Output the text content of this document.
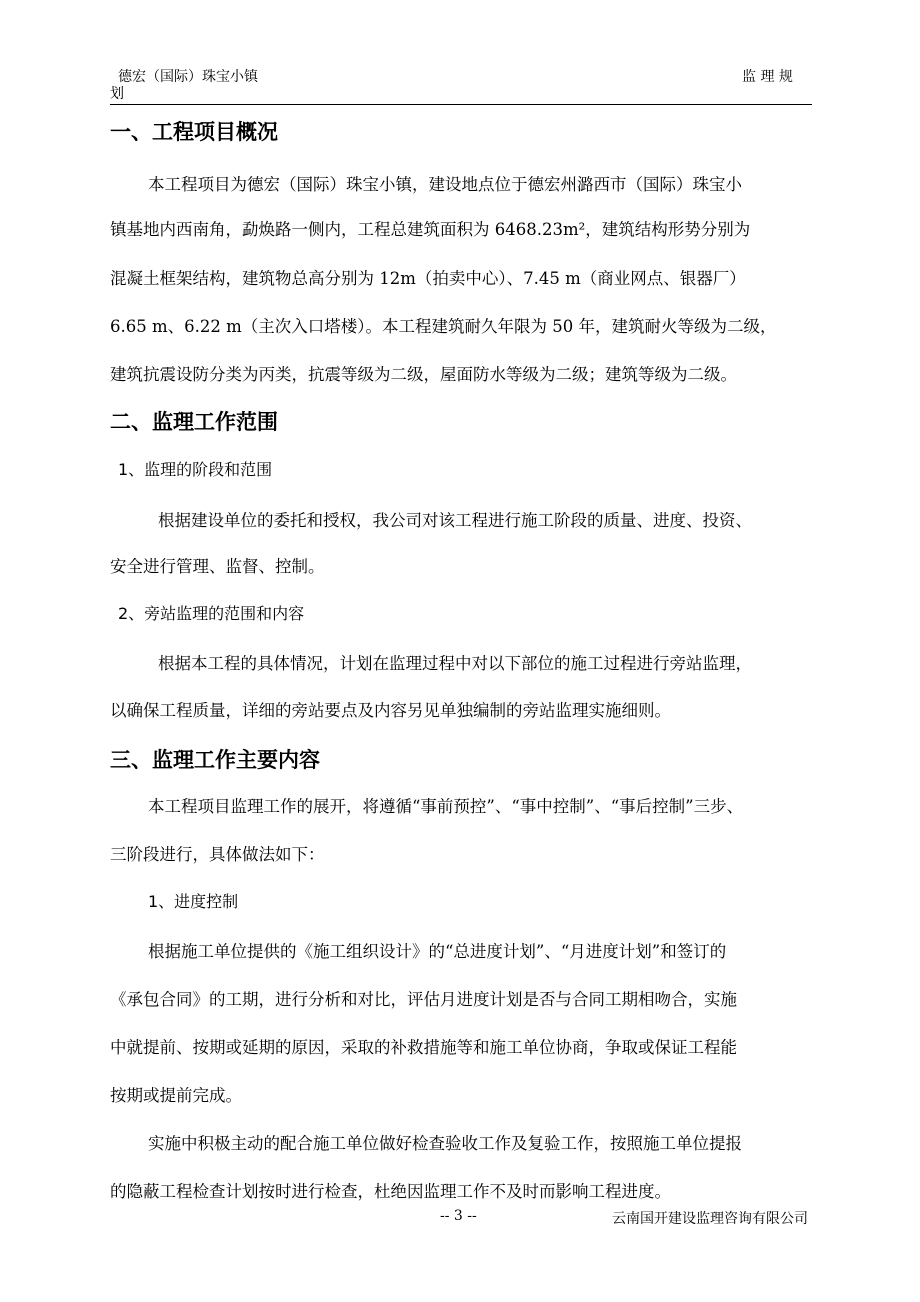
德宏（国际）珠宝小镇
划
监 理 规
一、工程项目概况
本工程项目为德宏（国际）珠宝小镇，建设地点位于德宏州潞西市（国际）珠宝小
镇基地内西南角，勐焕路一侧内，工程总建筑面积为 6468.23m²，建筑结构形势分别为
混凝土框架结构，建筑物总高分别为 12m（拍卖中心）、7.45 m（商业网点、银器厂）
6.65 m、6.22 m（主次入口塔楼）。本工程建筑耐久年限为 50 年，建筑耐火等级为二级，
建筑抗震设防分类为丙类，抗震等级为二级，屋面防水等级为二级；建筑等级为二级。
二、监理工作范围
1、监理的阶段和范围
根据建设单位的委托和授权，我公司对该工程进行施工阶段的质量、进度、投资、
安全进行管理、监督、控制。
2、旁站监理的范围和内容
根据本工程的具体情况，计划在监理过程中对以下部位的施工过程进行旁站监理，
以确保工程质量，详细的旁站要点及内容另见单独编制的旁站监理实施细则。
三、监理工作主要内容
本工程项目监理工作的展开，将遵循“事前预控”、“事中控制”、“事后控制”三步、
三阶段进行，具体做法如下：
1、进度控制
根据施工单位提供的《施工组织设计》的“总进度计划”、“月进度计划”和签订的
《承包合同》的工期，进行分析和对比，评估月进度计划是否与合同工期相吻合，实施
中就提前、按期或延期的原因，采取的补救措施等和施工单位协商，争取或保证工程能
按期或提前完成。
实施中积极主动的配合施工单位做好检查验收工作及复验工作，按照施工单位提报
的隐蔽工程检查计划按时进行检查，杜绝因监理工作不及时而影响工程进度。
-- 3 --	云南国开建设监理咨询有限公司
